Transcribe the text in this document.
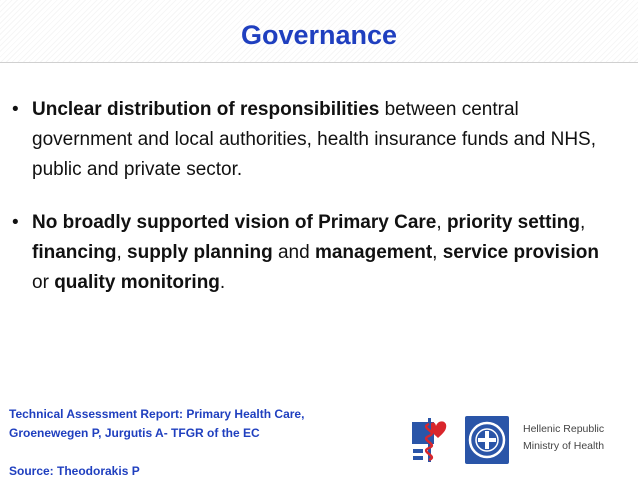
Governance
• Unclear distribution of responsibilities between central government and local authorities, health insurance funds and NHS, public and private sector.
• No broadly supported vision of Primary Care, priority setting, financing, supply planning and management, service provision or quality monitoring.
Technical Assessment Report: Primary Health Care,
Groenewegen P, Jurgutis A- TFGR of the EC
Source: Theodorakis P
Hellenic Republic
Ministry of Health
